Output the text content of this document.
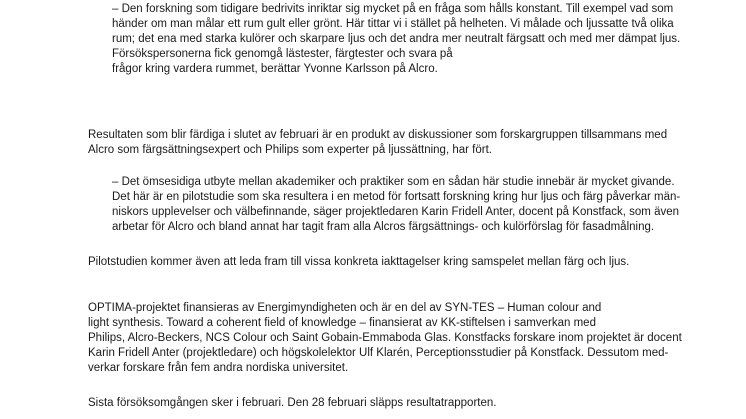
– Den forskning som tidigare bedrivits inriktar sig mycket på en fråga som hålls konstant. Till exempel vad som
händer om man målar ett rum gult eller grönt. Här tittar vi i stället på helheten. Vi målade och ljussatte två olika
rum; det ena med starka kulörer och skarpare ljus och det andra mer neutralt färgsatt och med mer dämpat ljus.
Försökspersonerna fick genomgå lästester, färgtester och svara på
frågor kring vardera rummet, berättar Yvonne Karlsson på Alcro.
Resultaten som blir färdiga i slutet av februari är en produkt av diskussioner som forskargruppen tillsammans med
Alcro som färgsättningsexpert och Philips som experter på ljussättning, har fört.
– Det ömsesidiga utbyte mellan akademiker och praktiker som en sådan här studie innebär är mycket givande.
Det här är en pilotstudie som ska resultera i en metod för fortsatt forskning kring hur ljus och färg påverkar män-
niskors upplevelser och välbefinnande, säger projektledaren Karin Fridell Anter, docent på Konstfack, som även
arbetar för Alcro och bland annat har tagit fram alla Alcros färgsättnings- och kulörförslag för fasadmålning.
Pilotstudien kommer även att leda fram till vissa konkreta iakttagelser kring samspelet mellan färg och ljus.
OPTIMA-projektet finansieras av Energimyndigheten och är en del av SYN-TES – Human colour and
light synthesis. Toward a coherent field of knowledge – finansierat av KK-stiftelsen i samverkan med
Philips, Alcro-Beckers, NCS Colour och Saint Gobain-Emmaboda Glas. Konstfacks forskare inom projektet är docent
Karin Fridell Anter (projektledare) och högskolelektor Ulf Klarén, Perceptionsstudier på Konstfack. Dessutom med-
verkar forskare från fem andra nordiska universitet.
Sista försöksomgången sker i februari. Den 28 februari släpps resultatrapporten.
